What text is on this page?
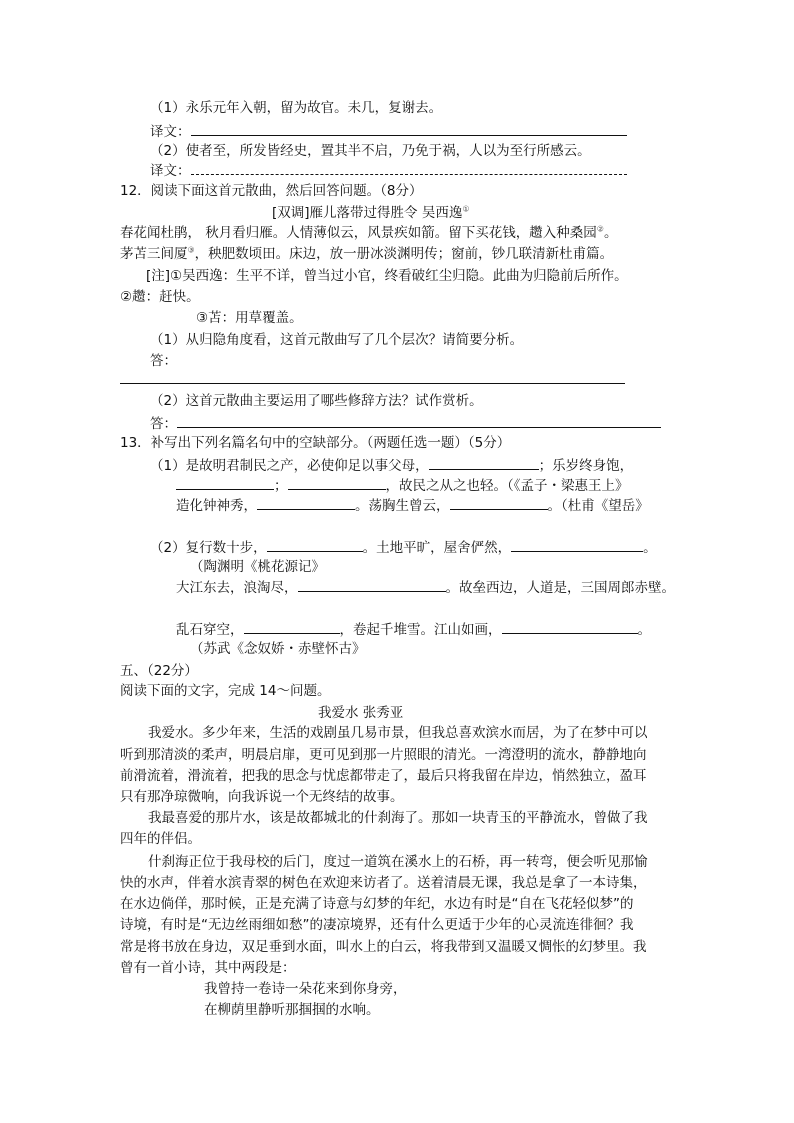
（1）永乐元年入朝，留为故官。未几，复谢去。
译文：
（2）使者至，所发皆经史，置其半不启，乃免于祸，人以为至行所感云。
译文：
12．阅读下面这首元散曲，然后回答问题。（8分）
[双调]雁儿落带过得胜令 吴西逸①
春花闻杜鹃， 秋月看归雁。人情薄似云，风景疾如箭。留下买花钱，趱入种桑园②。
茅苫三间厦③，秧肥数顷田。床边，放一册冰淡渊明传；窗前，钞几联清新杜甫篇。
[注]①吴西逸：生平不详，曾当过小官，终看破红尘归隐。此曲为归隐前后所作。
②趱：赶快。
③苫：用草覆盖。
（1）从归隐角度看，这首元散曲写了几个层次？请简要分析。
答：
（2）这首元散曲主要运用了哪些修辞方法？试作赏析。
答：
13．补写出下列名篇名句中的空缺部分。（两题任选一题）（5分）
（1）是故明君制民之产，必使仰足以事父母，	；乐岁终身饱，
；	，故民之从之也轻。（《孟子・梁惠王上》
造化钟神秀，	。荡胸生曾云，	。（杜甫《望岳》
（2）复行数十步，	。土地平旷，屋舍俨然，	。
（陶渊明《桃花源记》
大江东去，浪淘尽，	。故垒西边，人道是，三国周郎赤壁。
乱石穿空，	，卷起千堆雪。江山如画，	。
（苏武《念奴娇・赤壁怀古》
五、（22分）
阅读下面的文字，完成 14～问题。
我爱水 张秀亚
我爱水。多少年来，生活的戏剧虽几易市景，但我总喜欢滨水而居，为了在梦中可以
听到那清淡的柔声，明晨启扉，更可见到那一片照眼的清光。一湾澄明的流水，静静地向
前滑流着，滑流着，把我的思念与忧虑都带走了，最后只将我留在岸边，悄然独立，盈耳
只有那净琼微响，向我诉说一个无终结的故事。
我最喜爱的那片水，该是故都城北的什刹海了。那如一块青玉的平静流水，曾做了我
四年的伴侣。
什刹海正位于我母校的后门，度过一道筑在溪水上的石桥，再一转弯，便会听见那愉
快的水声，伴着水滨青翠的树色在欢迎来访者了。送着清晨无课，我总是拿了一本诗集，
在水边倘佯，那时候，正是充满了诗意与幻梦的年纪，水边有时是“自在飞花轻似梦”的
诗境，有时是“无边丝雨细如愁”的凄凉境界，还有什么更适于少年的心灵流连徘徊？我
常是将书放在身边，双足垂到水面，叫水上的白云，将我带到又温暖又惆怅的幻梦里。我
曾有一首小诗，其中两段是：
我曾持一卷诗一朵花来到你身旁，
在柳荫里静听那掴掴的水响。
